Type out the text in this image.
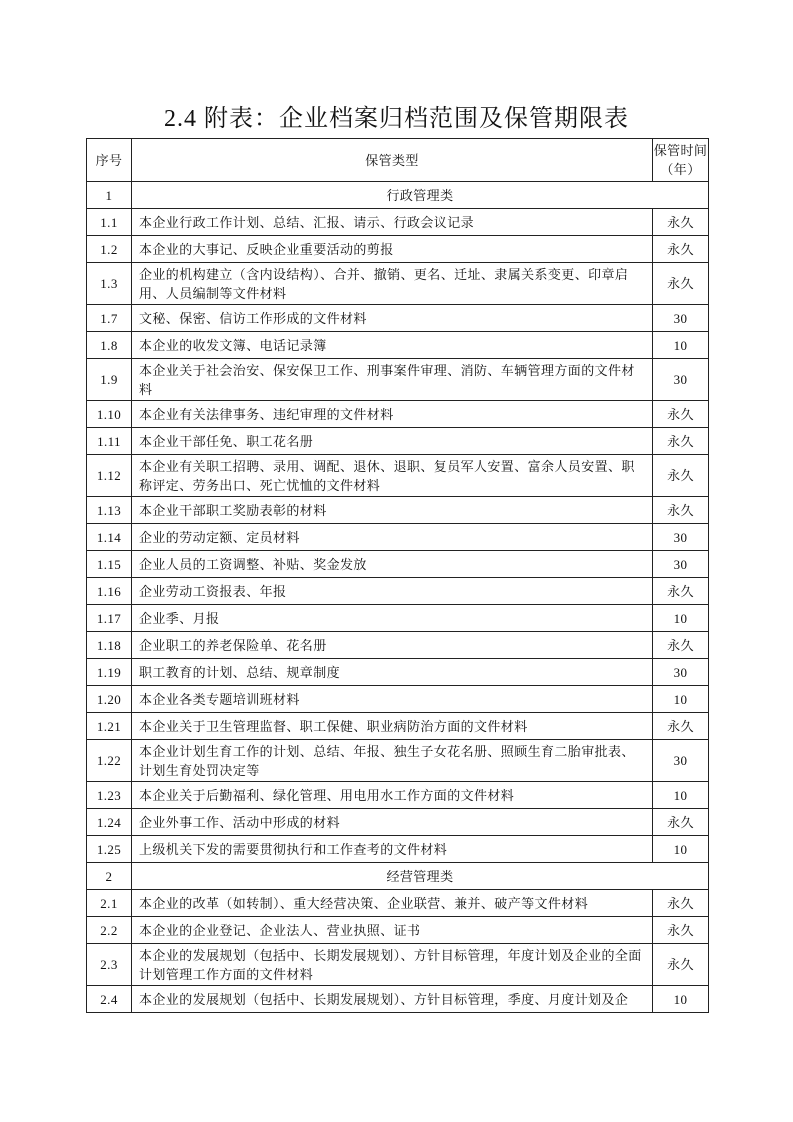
2.4 附表：企业档案归档范围及保管期限表
序号	保管类型	保管时间（年）
1	行政管理类	
1.1	本企业行政工作计划、总结、汇报、请示、行政会议记录	永久
1.2	本企业的大事记、反映企业重要活动的剪报	永久
1.3	企业的机构建立（含内设结构）、合并、撤销、更名、迁址、隶属关系变更、印章启用、人员编制等文件材料	永久
1.7	文秘、保密、信访工作形成的文件材料	30
1.8	本企业的收发文簿、电话记录簿	10
1.9	本企业关于社会治安、保安保卫工作、刑事案件审理、消防、车辆管理方面的文件材料	30
1.10	本企业有关法律事务、违纪审理的文件材料	永久
1.11	本企业干部任免、职工花名册	永久
1.12	本企业有关职工招聘、录用、调配、退休、退职、复员军人安置、富余人员安置、职称评定、劳务出口、死亡忧恤的文件材料	永久
1.13	本企业干部职工奖励表彰的材料	永久
1.14	企业的劳动定额、定员材料	30
1.15	企业人员的工资调整、补贴、奖金发放	30
1.16	企业劳动工资报表、年报	永久
1.17	企业季、月报	10
1.18	企业职工的养老保险单、花名册	永久
1.19	职工教育的计划、总结、规章制度	30
1.20	本企业各类专题培训班材料	10
1.21	本企业关于卫生管理监督、职工保健、职业病防治方面的文件材料	永久
1.22	本企业计划生育工作的计划、总结、年报、独生子女花名册、照顾生育二胎审批表、计划生育处罚决定等	30
1.23	本企业关于后勤福利、绿化管理、用电用水工作方面的文件材料	10
1.24	企业外事工作、活动中形成的材料	永久
1.25	上级机关下发的需要贯彻执行和工作查考的文件材料	10
2	经营管理类	
2.1	本企业的改革（如转制）、重大经营决策、企业联营、兼并、破产等文件材料	永久
2.2	本企业的企业登记、企业法人、营业执照、证书	永久
2.3	本企业的发展规划（包括中、长期发展规划）、方针目标管理，年度计划及企业的全面计划管理工作方面的文件材料	永久
2.4	本企业的发展规划（包括中、长期发展规划）、方针目标管理，季度、月度计划及企	10
